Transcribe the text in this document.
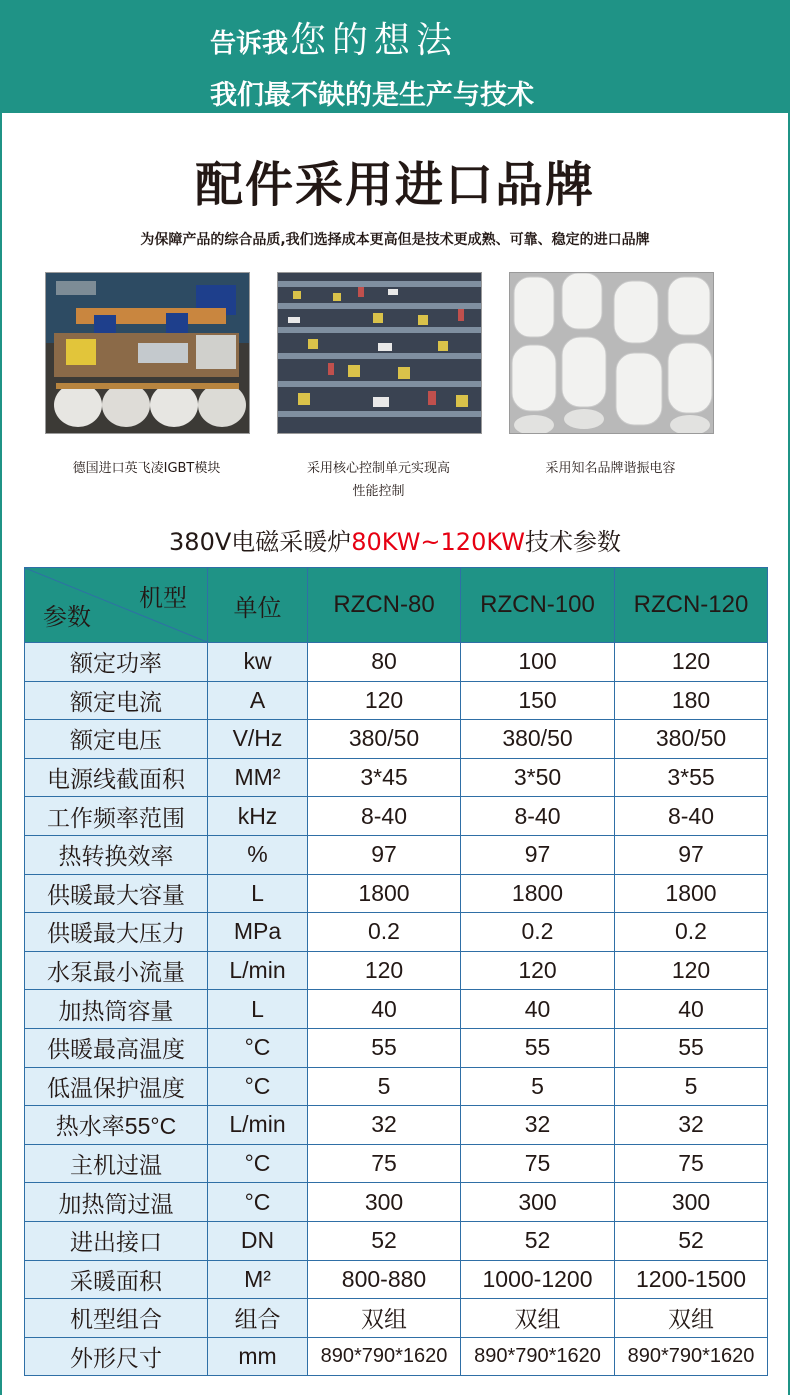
告诉我您的想法
我们最不缺的是生产与技术
配件采用进口品牌
为保障产品的综合品质,我们选择成本更高但是技术更成熟、可靠、稳定的进口品牌
德国进口英飞凌IGBT模块	采用核心控制单元实现高
性能控制
采用知名品牌谐振电容
380V电磁采暖炉80KW~120KW技术参数
机型
参数	单位	RZCN-80	RZCN-100	RZCN-120
额定功率	kw	80	100	120
额定电流	A	120	150	180
额定电压	V/Hz	380/50	380/50	380/50
电源线截面积	MM²	3*45	3*50	3*55
工作频率范围	kHz	8-40	8-40	8-40
热转换效率	%	97	97	97
供暖最大容量	L	1800	1800	1800
供暖最大压力	MPa	0.2	0.2	0.2
水泵最小流量	L/min	120	120	120
加热筒容量	L	40	40	40
供暖最高温度	°C	55	55	55
低温保护温度	°C	5	5	5
热水率55°C	L/min	32	32	32
主机过温	°C	75	75	75
加热筒过温	°C	300	300	300
进出接口	DN	52	52	52
采暖面积	M²	800-880	1000-1200	1200-1500
机型组合	组合	双组	双组	双组
外形尺寸	mm	890*790*1620	890*790*1620	890*790*1620
